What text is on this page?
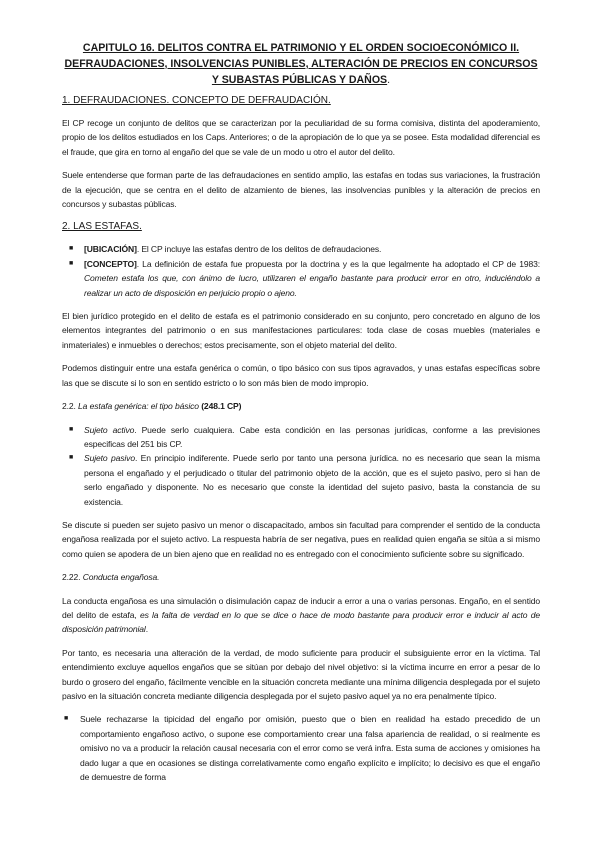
CAPITULO 16. DELITOS CONTRA EL PATRIMONIO Y EL ORDEN SOCIOECONÓMICO II. DEFRAUDACIONES, INSOLVENCIAS PUNIBLES, ALTERACIÓN DE PRECIOS EN CONCURSOS Y SUBASTAS PÚBLICAS Y DAÑOS.
1. DEFRAUDACIONES. CONCEPTO DE DEFRAUDACIÓN.

El CP recoge un conjunto de delitos que se caracterizan por la peculiaridad de su forma comisiva, distinta del apoderamiento, propio de los delitos estudiados en los Caps. Anteriores; o de la apropiación de lo que ya se posee. Esta modalidad diferencial es el fraude, que gira en torno al engaño del que se vale de un modo u otro el autor del delito.

Suele entenderse que forman parte de las defraudaciones en sentido amplio, las estafas en todas sus variaciones, la frustración de la ejecución, que se centra en el delito de alzamiento de bienes, las insolvencias punibles y la alteración de precios en concursos y subastas públicas.

2. LAS ESTAFAS.
■ [UBICACIÓN]. El CP incluye las estafas dentro de los delitos de defraudaciones.
■ [CONCEPTO]. La definición de estafa fue propuesta por la doctrina y es la que legalmente ha adoptado el CP de 1983: Cometen estafa los que, con ánimo de lucro, utilizaren el engaño bastante para producir error en otro, induciéndolo a realizar un acto de disposición en perjuicio propio o ajeno.

El bien jurídico protegido en el delito de estafa es el patrimonio considerado en su conjunto, pero concretado en alguno de los elementos integrantes del patrimonio o en sus manifestaciones particulares: toda clase de cosas muebles (materiales e inmateriales) e inmuebles o derechos; estos precisamente, son el objeto material del delito.

Podemos distinguir entre una estafa genérica o común, o tipo básico con sus tipos agravados, y unas estafas específicas sobre las que se discute si lo son en sentido estricto o lo son más bien de modo impropio.

2.2. La estafa genérica: el tipo básico (248.1 CP)
■ Sujeto activo. Puede serlo cualquiera. Cabe esta condición en las personas jurídicas, conforme a las previsiones especificas del 251 bis CP.
■ Sujeto pasivo. En principio indiferente. Puede serlo por tanto una persona jurídica. no es necesario que sean la misma persona el engañado y el perjudicado o titular del patrimonio objeto de la acción, que es el sujeto pasivo, pero si han de serlo engañado y disponente. No es necesario que conste la identidad del sujeto pasivo, basta la constancia de su existencia.

Se discute si pueden ser sujeto pasivo un menor o discapacitado, ambos sin facultad para comprender el sentido de la conducta engañosa realizada por el sujeto activo. La respuesta habría de ser negativa, pues en realidad quien engaña se sitúa a si mismo como quien se apodera de un bien ajeno que en realidad no es entregado con el conocimiento suficiente sobre su significado.

2.22. Conducta engañosa.

La conducta engañosa es una simulación o disimulación capaz de inducir a error a una o varias personas. Engaño, en el sentido del delito de estafa, es la falta de verdad en lo que se dice o hace de modo bastante para producir error e inducir al acto de disposición patrimonial.

Por tanto, es necesaria una alteración de la verdad, de modo suficiente para producir el subsiguiente error en la víctima. Tal entendimiento excluye aquellos engaños que se sitúan por debajo del nivel objetivo: si la víctima incurre en error a pesar de lo burdo o grosero del engaño, fácilmente vencible en la situación concreta mediante una mínima diligencia desplegada por el sujeto pasivo en la situación concreta mediante diligencia desplegada por el sujeto pasivo aquel ya no era penalmente típico.

■ Suele rechazarse la tipicidad del engaño por omisión, puesto que o bien en realidad ha estado precedido de un comportamiento engañoso activo, o supone ese comportamiento crear una falsa apariencia de realidad, o si realmente es omisivo no va a producir la relación causal necesaria con el error como se verá infra. Esta suma de acciones y omisiones ha dado lugar a que en ocasiones se distinga correlativamente como engaño explícito e implícito; lo decisivo es que el engaño de demuestre de forma
